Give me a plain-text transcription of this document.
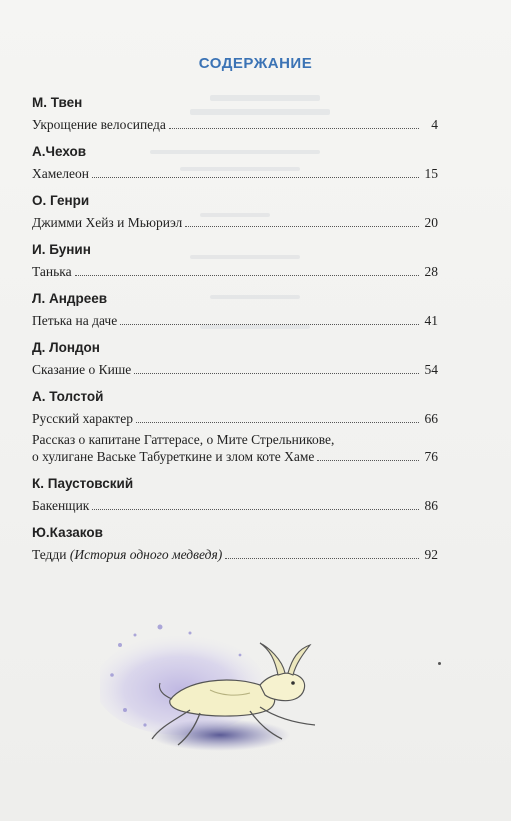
СОДЕРЖАНИЕ
М. Твен
Укрощение велосипеда	4
А.Чехов
Хамелеон	15
О. Генри
Джимми Хейз и Мьюриэл	20
И. Бунин
Танька	28
Л. Андреев
Петька на даче	41
Д. Лондон
Сказание о Кише	54
А. Толстой
Русский характер	66
Рассказ о капитане Гаттерасе, о Мите Стрельникове,
о хулигане Ваське Табуреткине и злом коте Хаме	76
К. Паустовский
Бакенщик	86
Ю.Казаков
Тедди (История одного медведя)	92
